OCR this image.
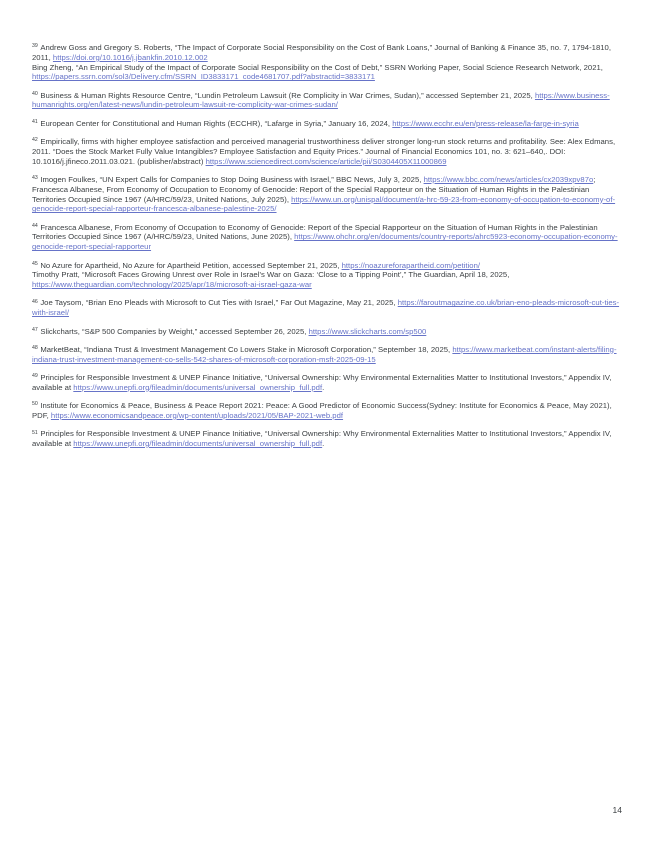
$^{39}$ Andrew Goss and Gregory S. Roberts, “The Impact of Corporate Social Responsibility on the Cost of Bank Loans,” Journal of Banking & Finance 35, no. 7, 1794-1810, 2011, https://doi.org/10.1016/j.jbankfin.2010.12.002
Bing Zheng, “An Empirical Study of the Impact of Corporate Social Responsibility on the Cost of Debt,” SSRN Working Paper, Social Science Research Network, 2021, https://papers.ssrn.com/sol3/Delivery.cfm/SSRN_ID3833171_code4681707.pdf?abstractid=3833171

$^{40}$ Business & Human Rights Resource Centre, “Lundin Petroleum Lawsuit (Re Complicity in War Crimes, Sudan),” accessed September 21, 2025, https://www.business-humanrights.org/en/latest-news/lundin-petroleum-lawsuit-re-complicity-war-crimes-sudan/

$^{41}$ European Center for Constitutional and Human Rights (ECCHR), “Lafarge in Syria,” January 16, 2024, https://www.ecchr.eu/en/press-release/la-farge-in-syria

$^{42}$ Empirically, firms with higher employee satisfaction and perceived managerial trustworthiness deliver stronger long-run stock returns and profitability. See: Alex Edmans, 2011. “Does the Stock Market Fully Value Intangibles? Employee Satisfaction and Equity Prices.” Journal of Financial Economics 101, no. 3: 621–640,. DOI: 10.1016/j.jfineco.2011.03.021. (publisher/abstract) https://www.sciencedirect.com/science/article/pii/S0304405X11000869

$^{43}$ Imogen Foulkes, “UN Expert Calls for Companies to Stop Doing Business with Israel,” BBC News, July 3, 2025, https://www.bbc.com/news/articles/cx2039xpv87o;
Francesca Albanese, From Economy of Occupation to Economy of Genocide: Report of the Special Rapporteur on the Situation of Human Rights in the Palestinian Territories Occupied Since 1967 (A/HRC/59/23, United Nations, July 2025), https://www.un.org/unispal/document/a-hrc-59-23-from-economy-of-occupation-to-economy-of-genocide-report-special-rapporteur-francesca-albanese-palestine-2025/

$^{44}$ Francesca Albanese, From Economy of Occupation to Economy of Genocide: Report of the Special Rapporteur on the Situation of Human Rights in the Palestinian Territories Occupied Since 1967 (A/HRC/59/23, United Nations, June 2025), https://www.ohchr.org/en/documents/country-reports/ahrc5923-economy-occupation-economy-genocide-report-special-rapporteur

$^{45}$ No Azure for Apartheid, No Azure for Apartheid Petition, accessed September 21, 2025, https://noazureforapartheid.com/petition/
Timothy Pratt, “Microsoft Faces Growing Unrest over Role in Israel's War on Gaza: ‘Close to a Tipping Point’,” The Guardian, April 18, 2025, https://www.theguardian.com/technology/2025/apr/18/microsoft-ai-israel-gaza-war

$^{46}$ Joe Taysom, “Brian Eno Pleads with Microsoft to Cut Ties with Israel,” Far Out Magazine, May 21, 2025, https://faroutmagazine.co.uk/brian-eno-pleads-microsoft-cut-ties-with-israel/

$^{47}$ Slickcharts, “S&P 500 Companies by Weight,” accessed September 26, 2025, https://www.slickcharts.com/sp500

$^{48}$ MarketBeat, “Indiana Trust & Investment Management Co Lowers Stake in Microsoft Corporation,” September 18, 2025, https://www.marketbeat.com/instant-alerts/filing-indiana-trust-investment-management-co-sells-542-shares-of-microsoft-corporation-msft-2025-09-15

$^{49}$ Principles for Responsible Investment & UNEP Finance Initiative, “Universal Ownership: Why Environmental Externalities Matter to Institutional Investors,” Appendix IV, available at https://www.unepfi.org/fileadmin/documents/universal_ownership_full.pdf.

$^{50}$ Institute for Economics & Peace, Business & Peace Report 2021: Peace: A Good Predictor of Economic Success(Sydney: Institute for Economics & Peace, May 2021), PDF, https://www.economicsandpeace.org/wp-content/uploads/2021/05/BAP-2021-web.pdf

$^{51}$ Principles for Responsible Investment & UNEP Finance Initiative, “Universal Ownership: Why Environmental Externalities Matter to Institutional Investors,” Appendix IV, available at https://www.unepfi.org/fileadmin/documents/universal_ownership_full.pdf.

14
